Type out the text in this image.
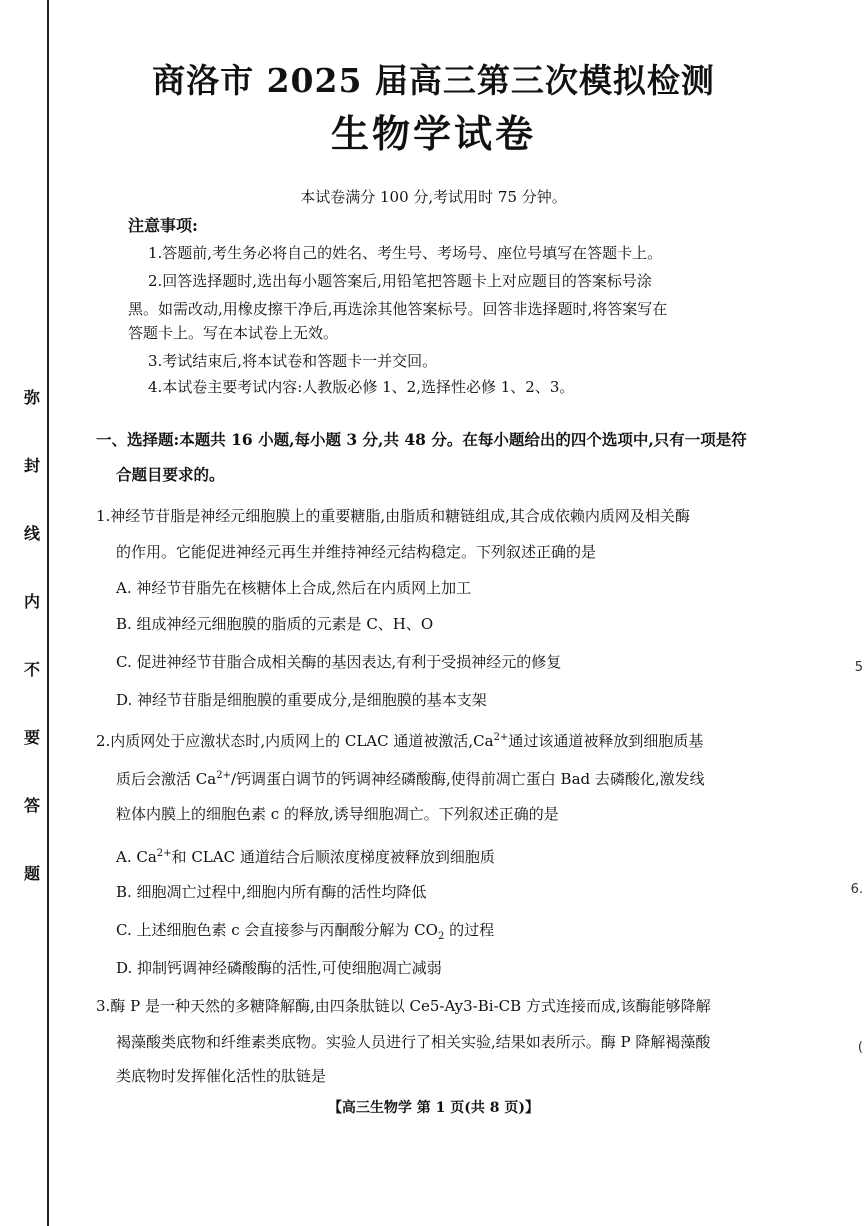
弥
封
线
内
不
要
答
题
5
6.
(
商洛市 2025 届高三第三次模拟检测
生物学试卷
本试卷满分 100 分,考试用时 75 分钟。
注意事项:
1.答题前,考生务必将自己的姓名、考生号、考场号、座位号填写在答题卡上。
2.回答选择题时,选出每小题答案后,用铅笔把答题卡上对应题目的答案标号涂
黑。如需改动,用橡皮擦干净后,再选涂其他答案标号。回答非选择题时,将答案写在
答题卡上。写在本试卷上无效。
3.考试结束后,将本试卷和答题卡一并交回。
4.本试卷主要考试内容:人教版必修 1、2,选择性必修 1、2、3。
一、选择题:本题共 16 小题,每小题 3 分,共 48 分。在每小题给出的四个选项中,只有一项是符
合题目要求的。
1.神经节苷脂是神经元细胞膜上的重要糖脂,由脂质和糖链组成,其合成依赖内质网及相关酶
的作用。它能促进神经元再生并维持神经元结构稳定。下列叙述正确的是
A. 神经节苷脂先在核糖体上合成,然后在内质网上加工
B. 组成神经元细胞膜的脂质的元素是 C、H、O
C. 促进神经节苷脂合成相关酶的基因表达,有利于受损神经元的修复
D. 神经节苷脂是细胞膜的重要成分,是细胞膜的基本支架
2.内质网处于应激状态时,内质网上的 CLAC 通道被激活$,Ca^{2+}$通过该通道被释放到细胞质基
质后会激活 $Ca^{2+}/$钙调蛋白调节的钙调神经磷酸酶,使得前凋亡蛋白 Bad 去磷酸化,激发线
粒体内膜上的细胞色素 c 的释放,诱导细胞凋亡。下列叙述正确的是
A. $Ca^{2+}$和 CLAC 通道结合后顺浓度梯度被释放到细胞质
B. 细胞凋亡过程中,细胞内所有酶的活性均降低
C. 上述细胞色素 c 会直接参与丙酮酸分解为 $CO_2$ 的过程
D. 抑制钙调神经磷酸酶的活性,可使细胞凋亡减弱
3.酶 P 是一种天然的多糖降解酶,由四条肽链以 Ce5-Ay3-Bi-CB 方式连接而成,该酶能够降解
褐藻酸类底物和纤维素类底物。实验人员进行了相关实验,结果如表所示。酶 P 降解褐藻酸
类底物时发挥催化活性的肽链是
【高三生物学 第 1 页(共 8 页)】
